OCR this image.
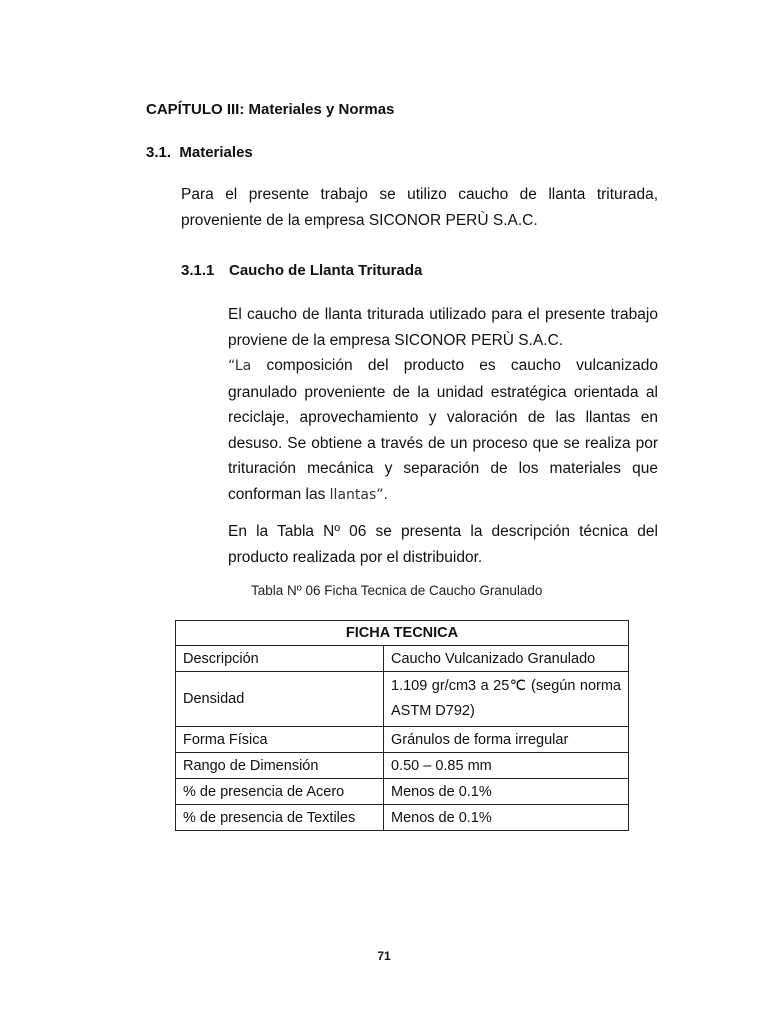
CAPÍTULO III: Materiales y Normas
3.1. Materiales
Para el presente trabajo se utilizo caucho de llanta triturada, proveniente de la empresa SICONOR PERÙ S.A.C.
3.1.1 Caucho de Llanta Triturada

El caucho de llanta triturada utilizado para el presente trabajo proviene de la empresa SICONOR PERÙ S.A.C.

“La composición del producto es caucho vulcanizado granulado proveniente de la unidad estratégica orientada al reciclaje, aprovechamiento y valoración de las llantas en desuso. Se obtiene a través de un proceso que se realiza por trituración mecánica y separación de los materiales que conforman las llantas”.

En la Tabla Nº 06 se presenta la descripción técnica del producto realizada por el distribuidor.
Tabla Nº 06 Ficha Tecnica de Caucho Granulado
FICHA TECNICA	
Descripción	Caucho Vulcanizado Granulado
Densidad	1.109 gr/cm3 a 25℃ (según norma ASTM D792)
Forma Física	Gránulos de forma irregular
Rango de Dimensión	0.50 – 0.85 mm
% de presencia de Acero	Menos de 0.1%
% de presencia de Textiles	Menos de 0.1%
71
